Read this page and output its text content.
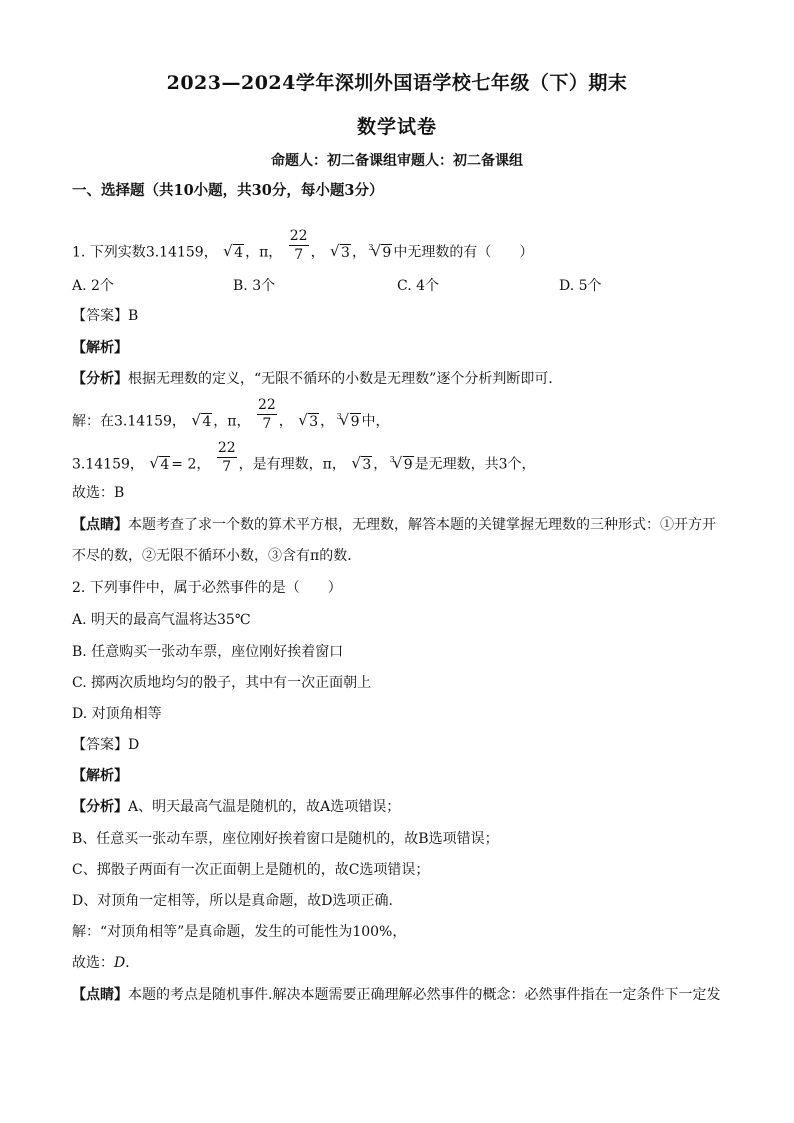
2023—2024学年深圳外国语学校七年级（下）期末
数学试卷
命题人：初二备课组审题人：初二备课组
一、选择题（共10小题，共30分，每小题3分）
1. 下列实数3.14159， √ 4 ，π， $\frac{22}{7}$ ， √ 3 ， √ 3 9 中无理数的有（　　）
A. 2个	B. 3个	C. 4个	D. 5个
【答案】B
【解析】
【分析】根据无理数的定义，“无限不循环的小数是无理数”逐个分析判断即可．
解：在3.14159， √ 4 ，π， $\frac{22}{7}$ ， √ 3 ， √ 3 9 中，
3.14159， √ 4 = 2， $\frac{22}{7}$ ，是有理数，π， √ 3 ， √ 3 9 是无理数，共3个，
故选：B
【点睛】本题考查了求一个数的算术平方根，无理数，解答本题的关键掌握无理数的三种形式：①开方开
不尽的数，②无限不循环小数，③含有π的数．
2. 下列事件中，属于必然事件的是（　　）
A. 明天的最高气温将达35℃
B. 任意购买一张动车票，座位刚好挨着窗口
C. 掷两次质地均匀的骰子，其中有一次正面朝上
D. 对顶角相等
【答案】D
【解析】
【分析】A、明天最高气温是随机的，故A选项错误；
B、任意买一张动车票，座位刚好挨着窗口是随机的，故B选项错误；
C、掷骰子两面有一次正面朝上是随机的，故C选项错误；
D、对顶角一定相等，所以是真命题，故D选项正确.
解：“对顶角相等”是真命题，发生的可能性为100%，
故选：D．
【点睛】本题的考点是随机事件.解决本题需要正确理解必然事件的概念：必然事件指在一定条件下一定发
